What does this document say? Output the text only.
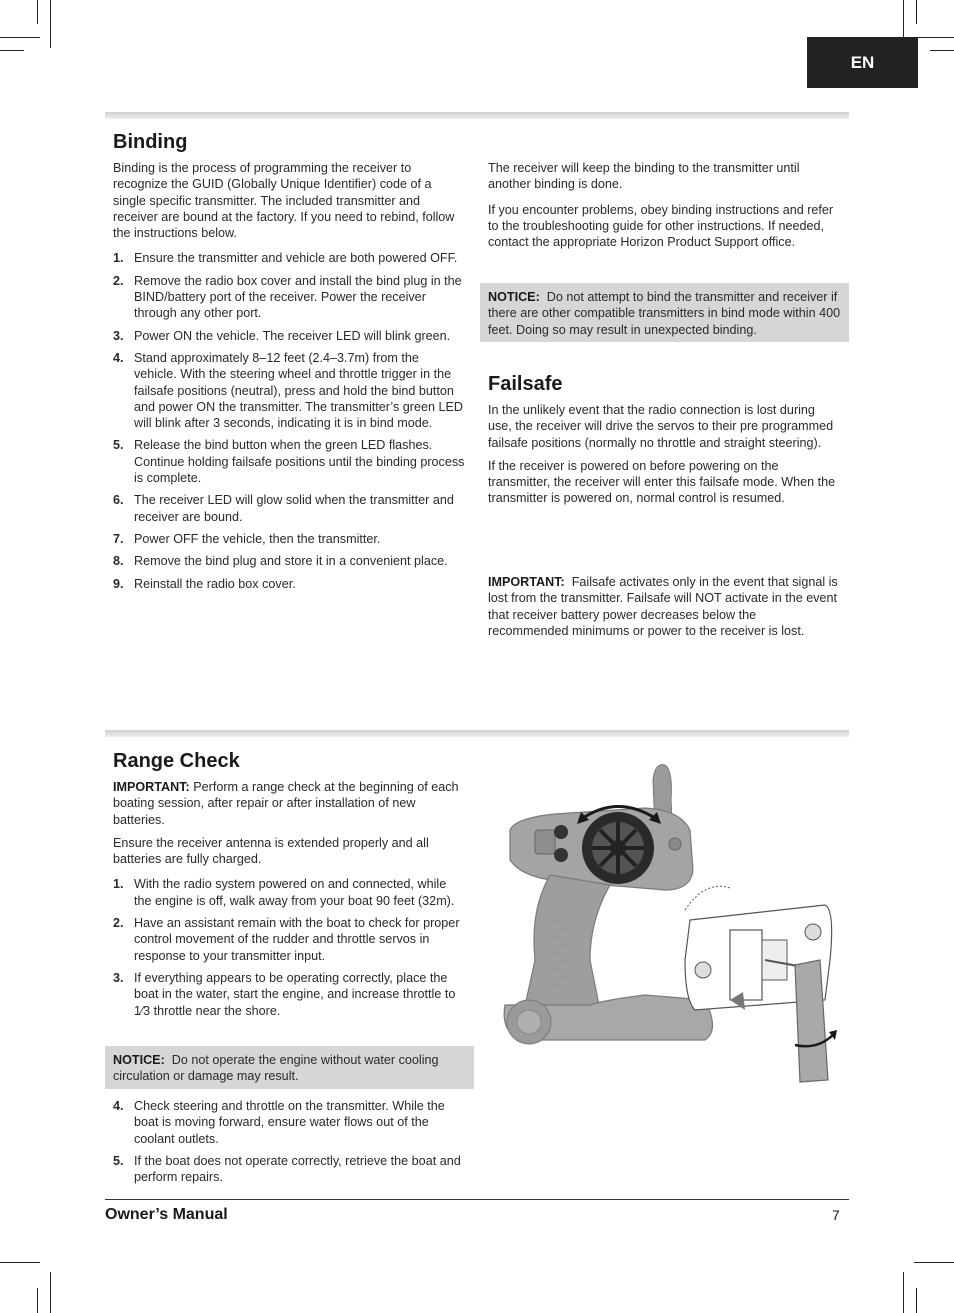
EN
Binding

Binding is the process of programming the receiver to recognize the GUID (Globally Unique Identifier) code of a single specific transmitter. The included transmitter and receiver are bound at the factory. If you need to rebind, follow the instructions below.

1. Ensure the transmitter and vehicle are both powered OFF.
2. Remove the radio box cover and install the bind plug in the BIND/battery port of the receiver. Power the receiver through any other port.
3. Power ON the vehicle. The receiver LED will blink green.
4. Stand approximately 8–12 feet (2.4–3.7m) from the vehicle. With the steering wheel and throttle trigger in the failsafe positions (neutral), press and hold the bind button and power ON the transmitter. The transmitter’s green LED will blink after 3 seconds, indicating it is in bind mode.
5. Release the bind button when the green LED flashes. Continue holding failsafe positions until the binding process is complete.
6. The receiver LED will glow solid when the transmitter and receiver are bound.
7. Power OFF the vehicle, then the transmitter.
8. Remove the bind plug and store it in a convenient place.
9. Reinstall the radio box cover.

The receiver will keep the binding to the transmitter until another binding is done.

If you encounter problems, obey binding instructions and refer to the troubleshooting guide for other instructions. If needed, contact the appropriate Horizon Product Support office.

NOTICE: Do not attempt to bind the transmitter and receiver if there are other compatible transmitters in bind mode within 400 feet. Doing so may result in unexpected binding.
Failsafe

In the unlikely event that the radio connection is lost during use, the receiver will drive the servos to their pre programmed failsafe positions (normally no throttle and straight steering).

If the receiver is powered on before powering on the transmitter, the receiver will enter this failsafe mode. When the transmitter is powered on, normal control is resumed.

IMPORTANT: Failsafe activates only in the event that signal is lost from the transmitter. Failsafe will NOT activate in the event that receiver battery power decreases below the recommended minimums or power to the receiver is lost.
Range Check

IMPORTANT: Perform a range check at the beginning of each boating session, after repair or after installation of new batteries.

Ensure the receiver antenna is extended properly and all batteries are fully charged.

1. With the radio system powered on and connected, while the engine is off, walk away from your boat 90 feet (32m).
2. Have an assistant remain with the boat to check for proper control movement of the rudder and throttle servos in response to your transmitter input.
3. If everything appears to be operating correctly, place the boat in the water, start the engine, and increase throttle to 1⁄3 throttle near the shore.
NOTICE: Do not operate the engine without water cooling circulation or damage may result.
4. Check steering and throttle on the transmitter. While the boat is moving forward, ensure water flows out of the coolant outlets.
5. If the boat does not operate correctly, retrieve the boat and perform repairs.
Owner’s Manual	7
